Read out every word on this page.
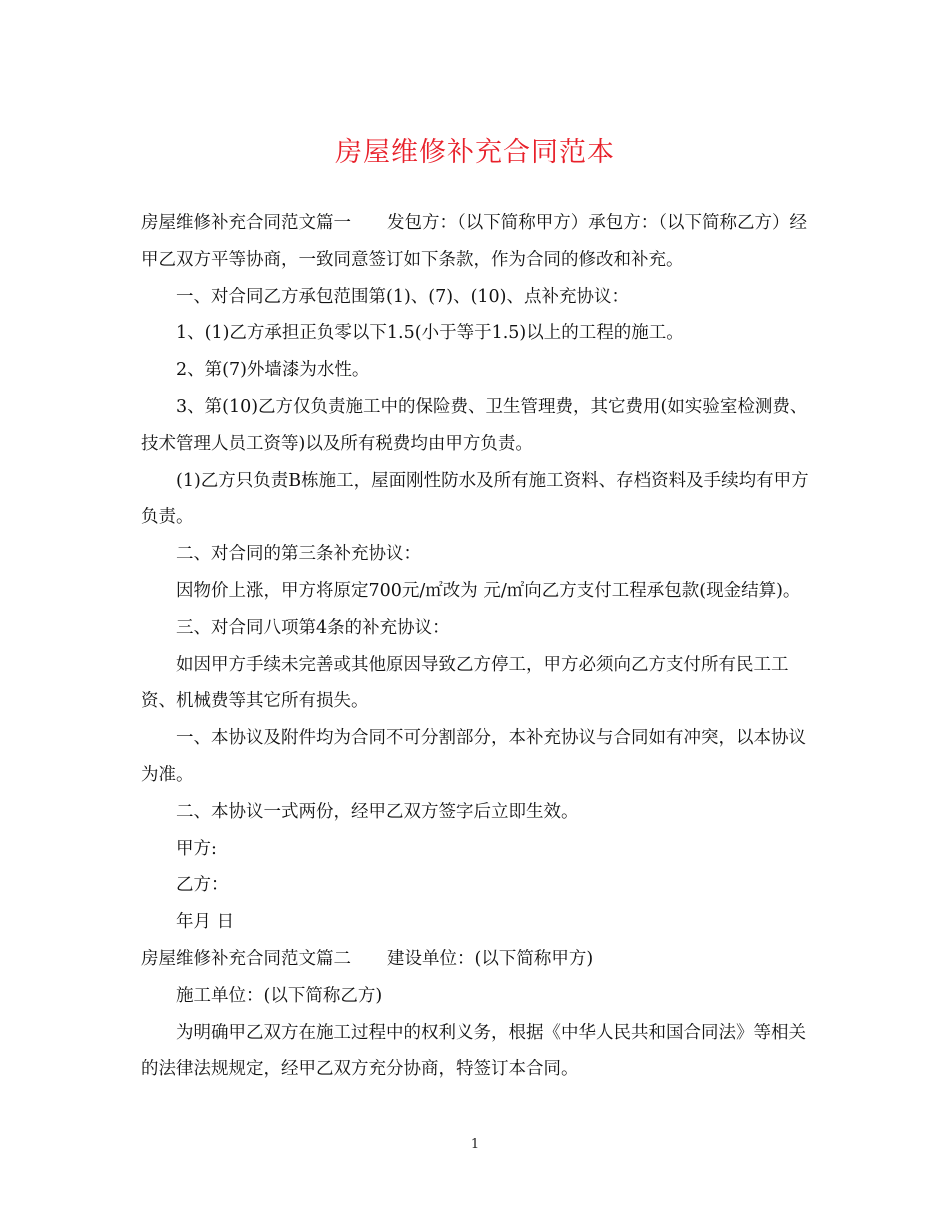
房屋维修补充合同范本

房屋维修补充合同范文篇一 发包方：（以下简称甲方）承包方：（以下简称乙方）经甲乙双方平等协商，一致同意签订如下条款，作为合同的修改和补充。

一、对合同乙方承包范围第(1)、(7)、(10)、点补充协议：

1、(1)乙方承担正负零以下1.5(小于等于1.5)以上的工程的施工。

2、第(7)外墙漆为水性。

3、第(10)乙方仅负责施工中的保险费、卫生管理费，其它费用(如实验室检测费、技术管理人员工资等)以及所有税费均由甲方负责。

(1)乙方只负责B栋施工，屋面刚性防水及所有施工资料、存档资料及手续均有甲方负责。

二、对合同的第三条补充协议：

因物价上涨，甲方将原定700元/㎡改为 元/㎡向乙方支付工程承包款(现金结算)。

三、对合同八项第4条的补充协议：

如因甲方手续未完善或其他原因导致乙方停工，甲方必须向乙方支付所有民工工资、机械费等其它所有损失。

一、本协议及附件均为合同不可分割部分，本补充协议与合同如有冲突，以本协议为准。

二、本协议一式两份，经甲乙双方签字后立即生效。

甲方:

乙方：

年月 日

房屋维修补充合同范文篇二 建设单位：(以下简称甲方)

施工单位：(以下简称乙方)

为明确甲乙双方在施工过程中的权利义务，根据《中华人民共和国合同法》等相关的法律法规规定，经甲乙双方充分协商，特签订本合同。

1
